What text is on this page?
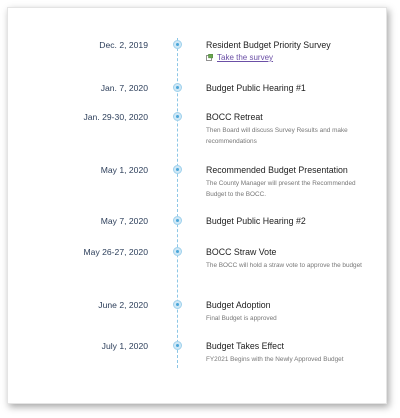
Dec. 2, 2019	Resident Budget Priority Survey
Take the survey
Jan. 7, 2020	Budget Public Hearing #1
Jan. 29-30, 2020	BOCC Retreat
Then Board will discuss Survey Results and make recommendations
May 1, 2020	Recommended Budget Presentation
The County Manager will present the Recommended Budget to the BOCC.
May 7, 2020	Budget Public Hearing #2
May 26-27, 2020	BOCC Straw Vote
The BOCC will hold a straw vote to approve the budget
June 2, 2020	Budget Adoption
Final Budget is approved
July 1, 2020	Budget Takes Effect
FY2021 Begins with the Newly Approved Budget
